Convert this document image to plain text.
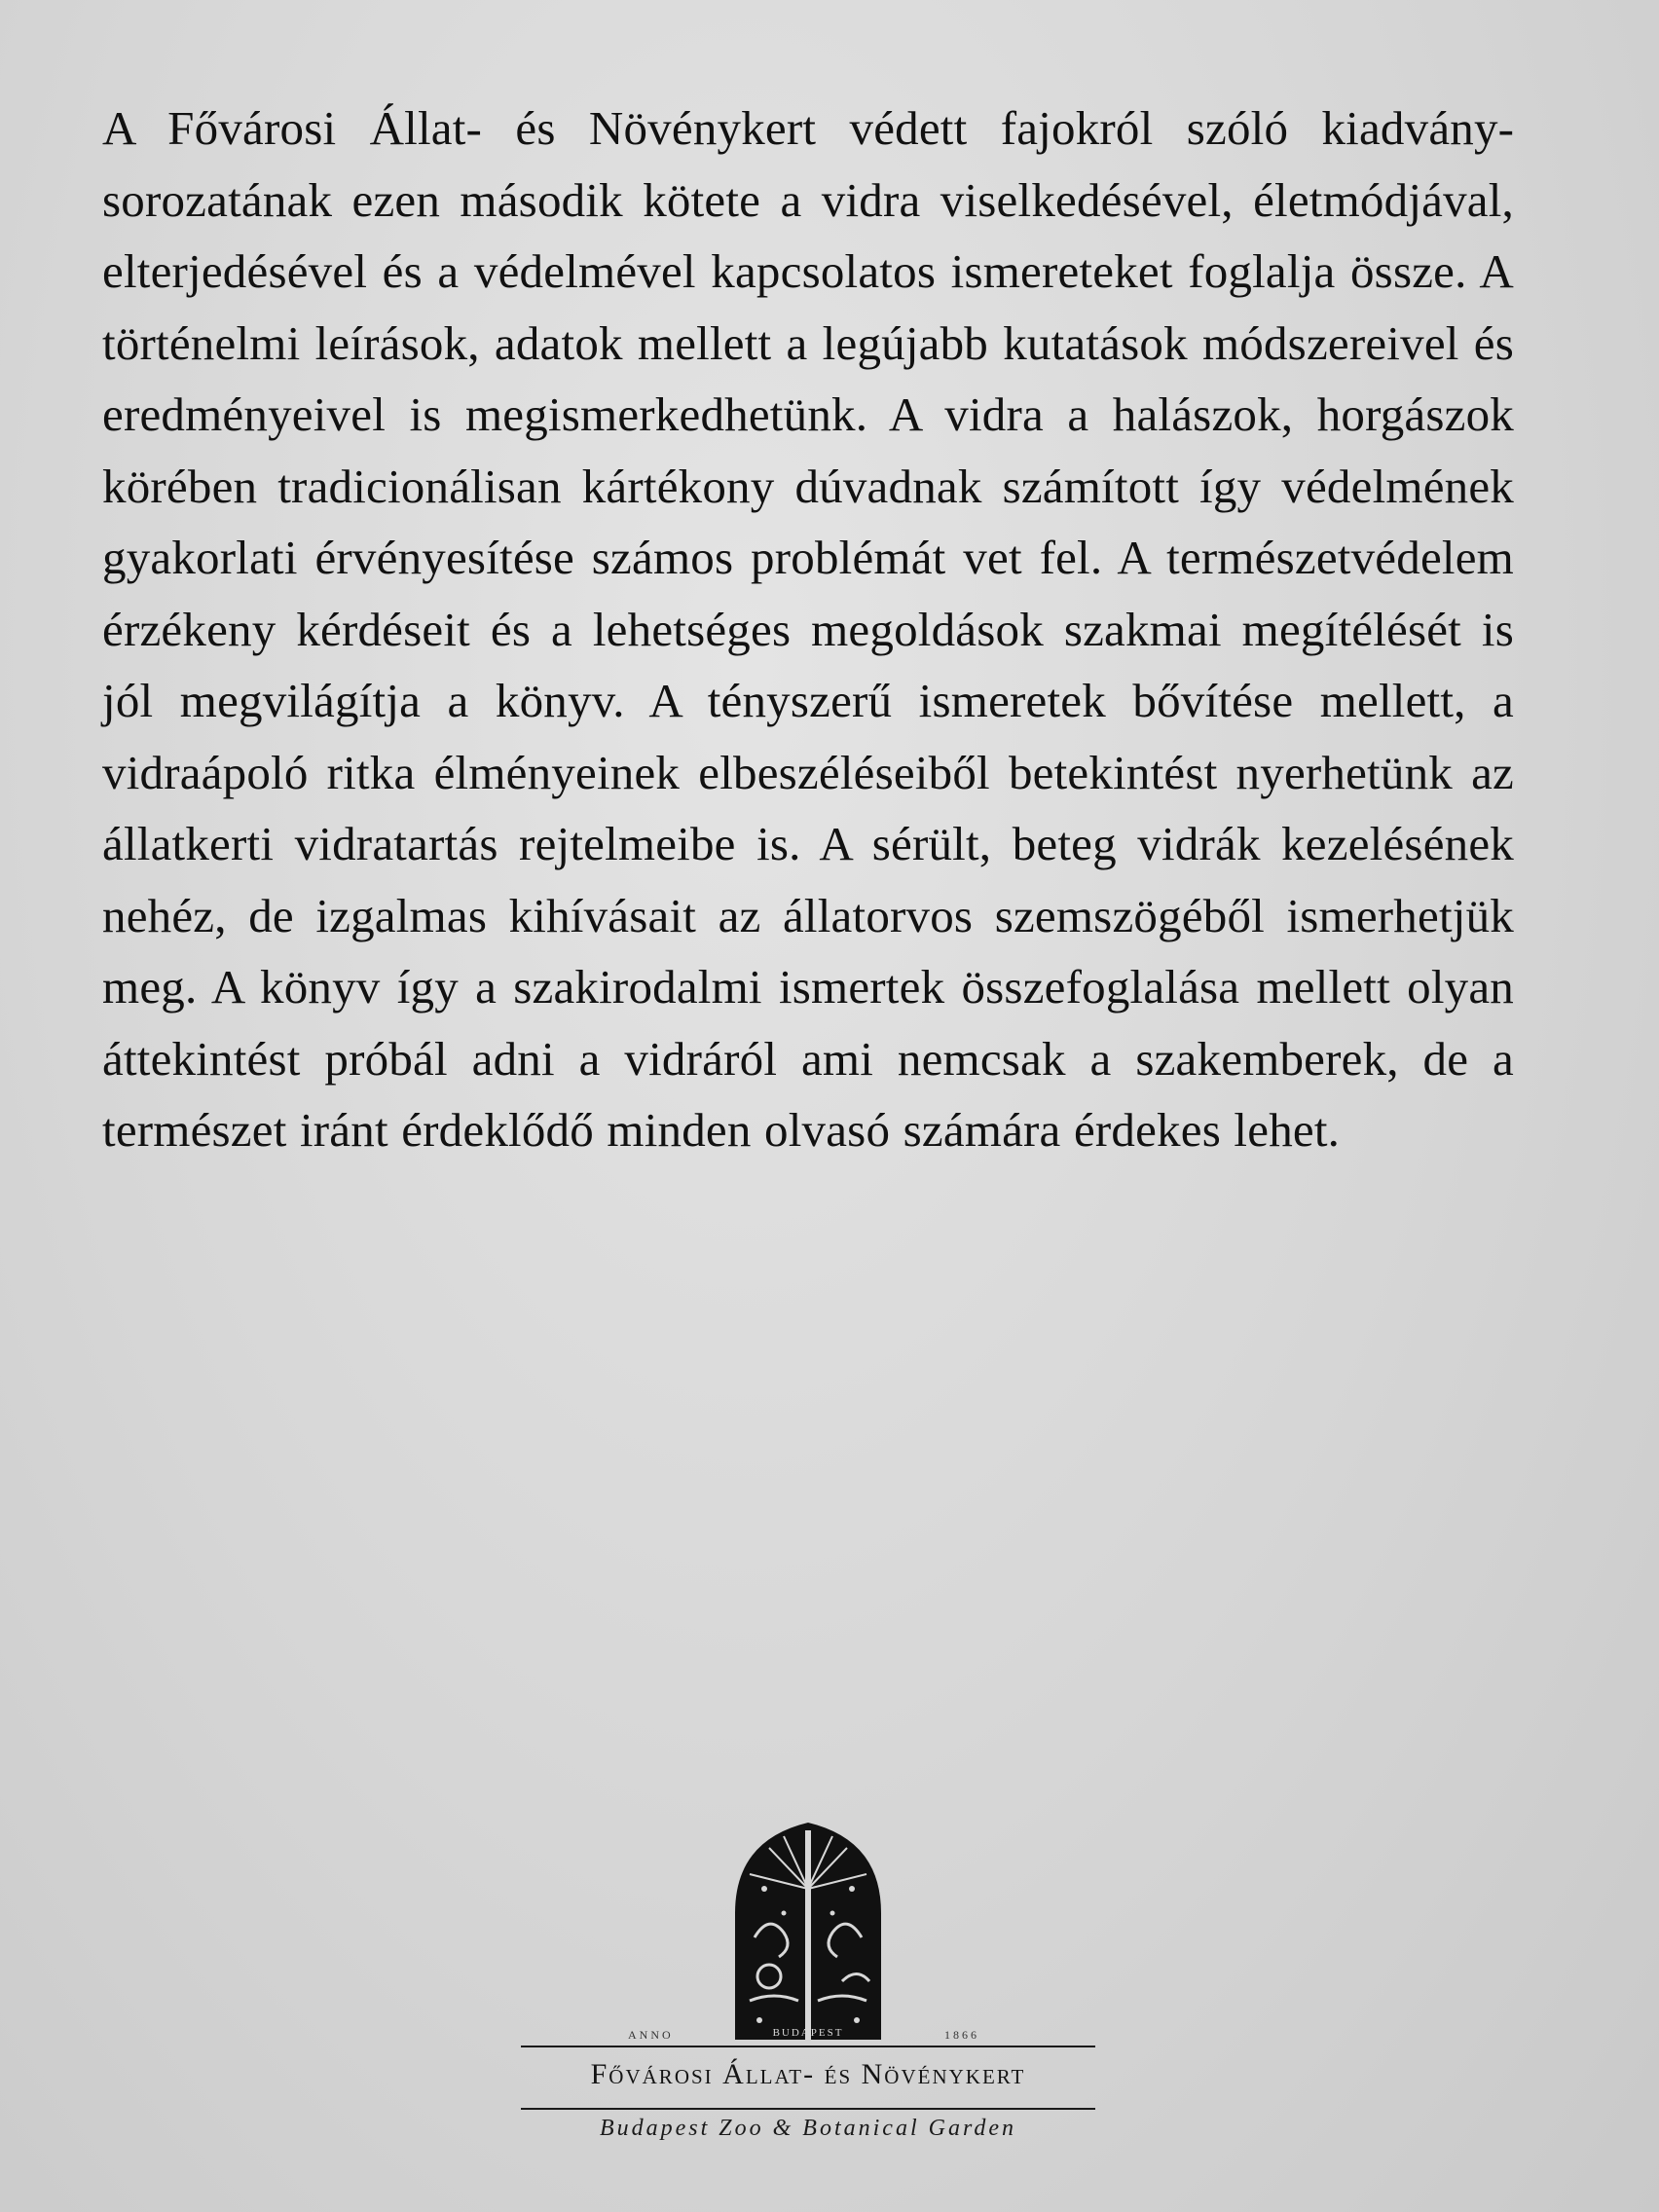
A Fővárosi Állat- és Növénykert védett fajokról szóló kiadványsorozatának ezen második kötete a vidra viselkedésével, életmódjával, elterjedésével és a védelmével kapcsolatos ismereteket foglalja össze. A történelmi leírások, adatok mellett a legújabb kutatások módszereivel és eredményeivel is megismerkedhetünk. A vidra a halászok, horgászok körében tradicionálisan kártékony dúvadnak számított így védelmének gyakorlati érvényesítése számos problémát vet fel. A természetvédelem érzékeny kérdéseit és a lehetséges megoldások szakmai megítélését is jól megvilágítja a könyv. A tényszerű ismeretek bővítése mellett, a vidraápoló ritka élményeinek elbeszéléseiből betekintést nyerhetünk az állatkerti vidratartás rejtelmeibe is. A sérült, beteg vidrák kezelésének nehéz, de izgalmas kihívásait az állatorvos szemszögéből ismerhetjük meg. A könyv így a szakirodalmi ismertek összefoglalása mellett olyan áttekintést próbál adni a vidráról ami nemcsak a szakemberek, de a természet iránt érdeklődő minden olvasó számára érdekes lehet.

BUDAPEST
ANNO	1866
Fővárosi Állat- és Növénykert
Budapest Zoo & Botanical Garden
